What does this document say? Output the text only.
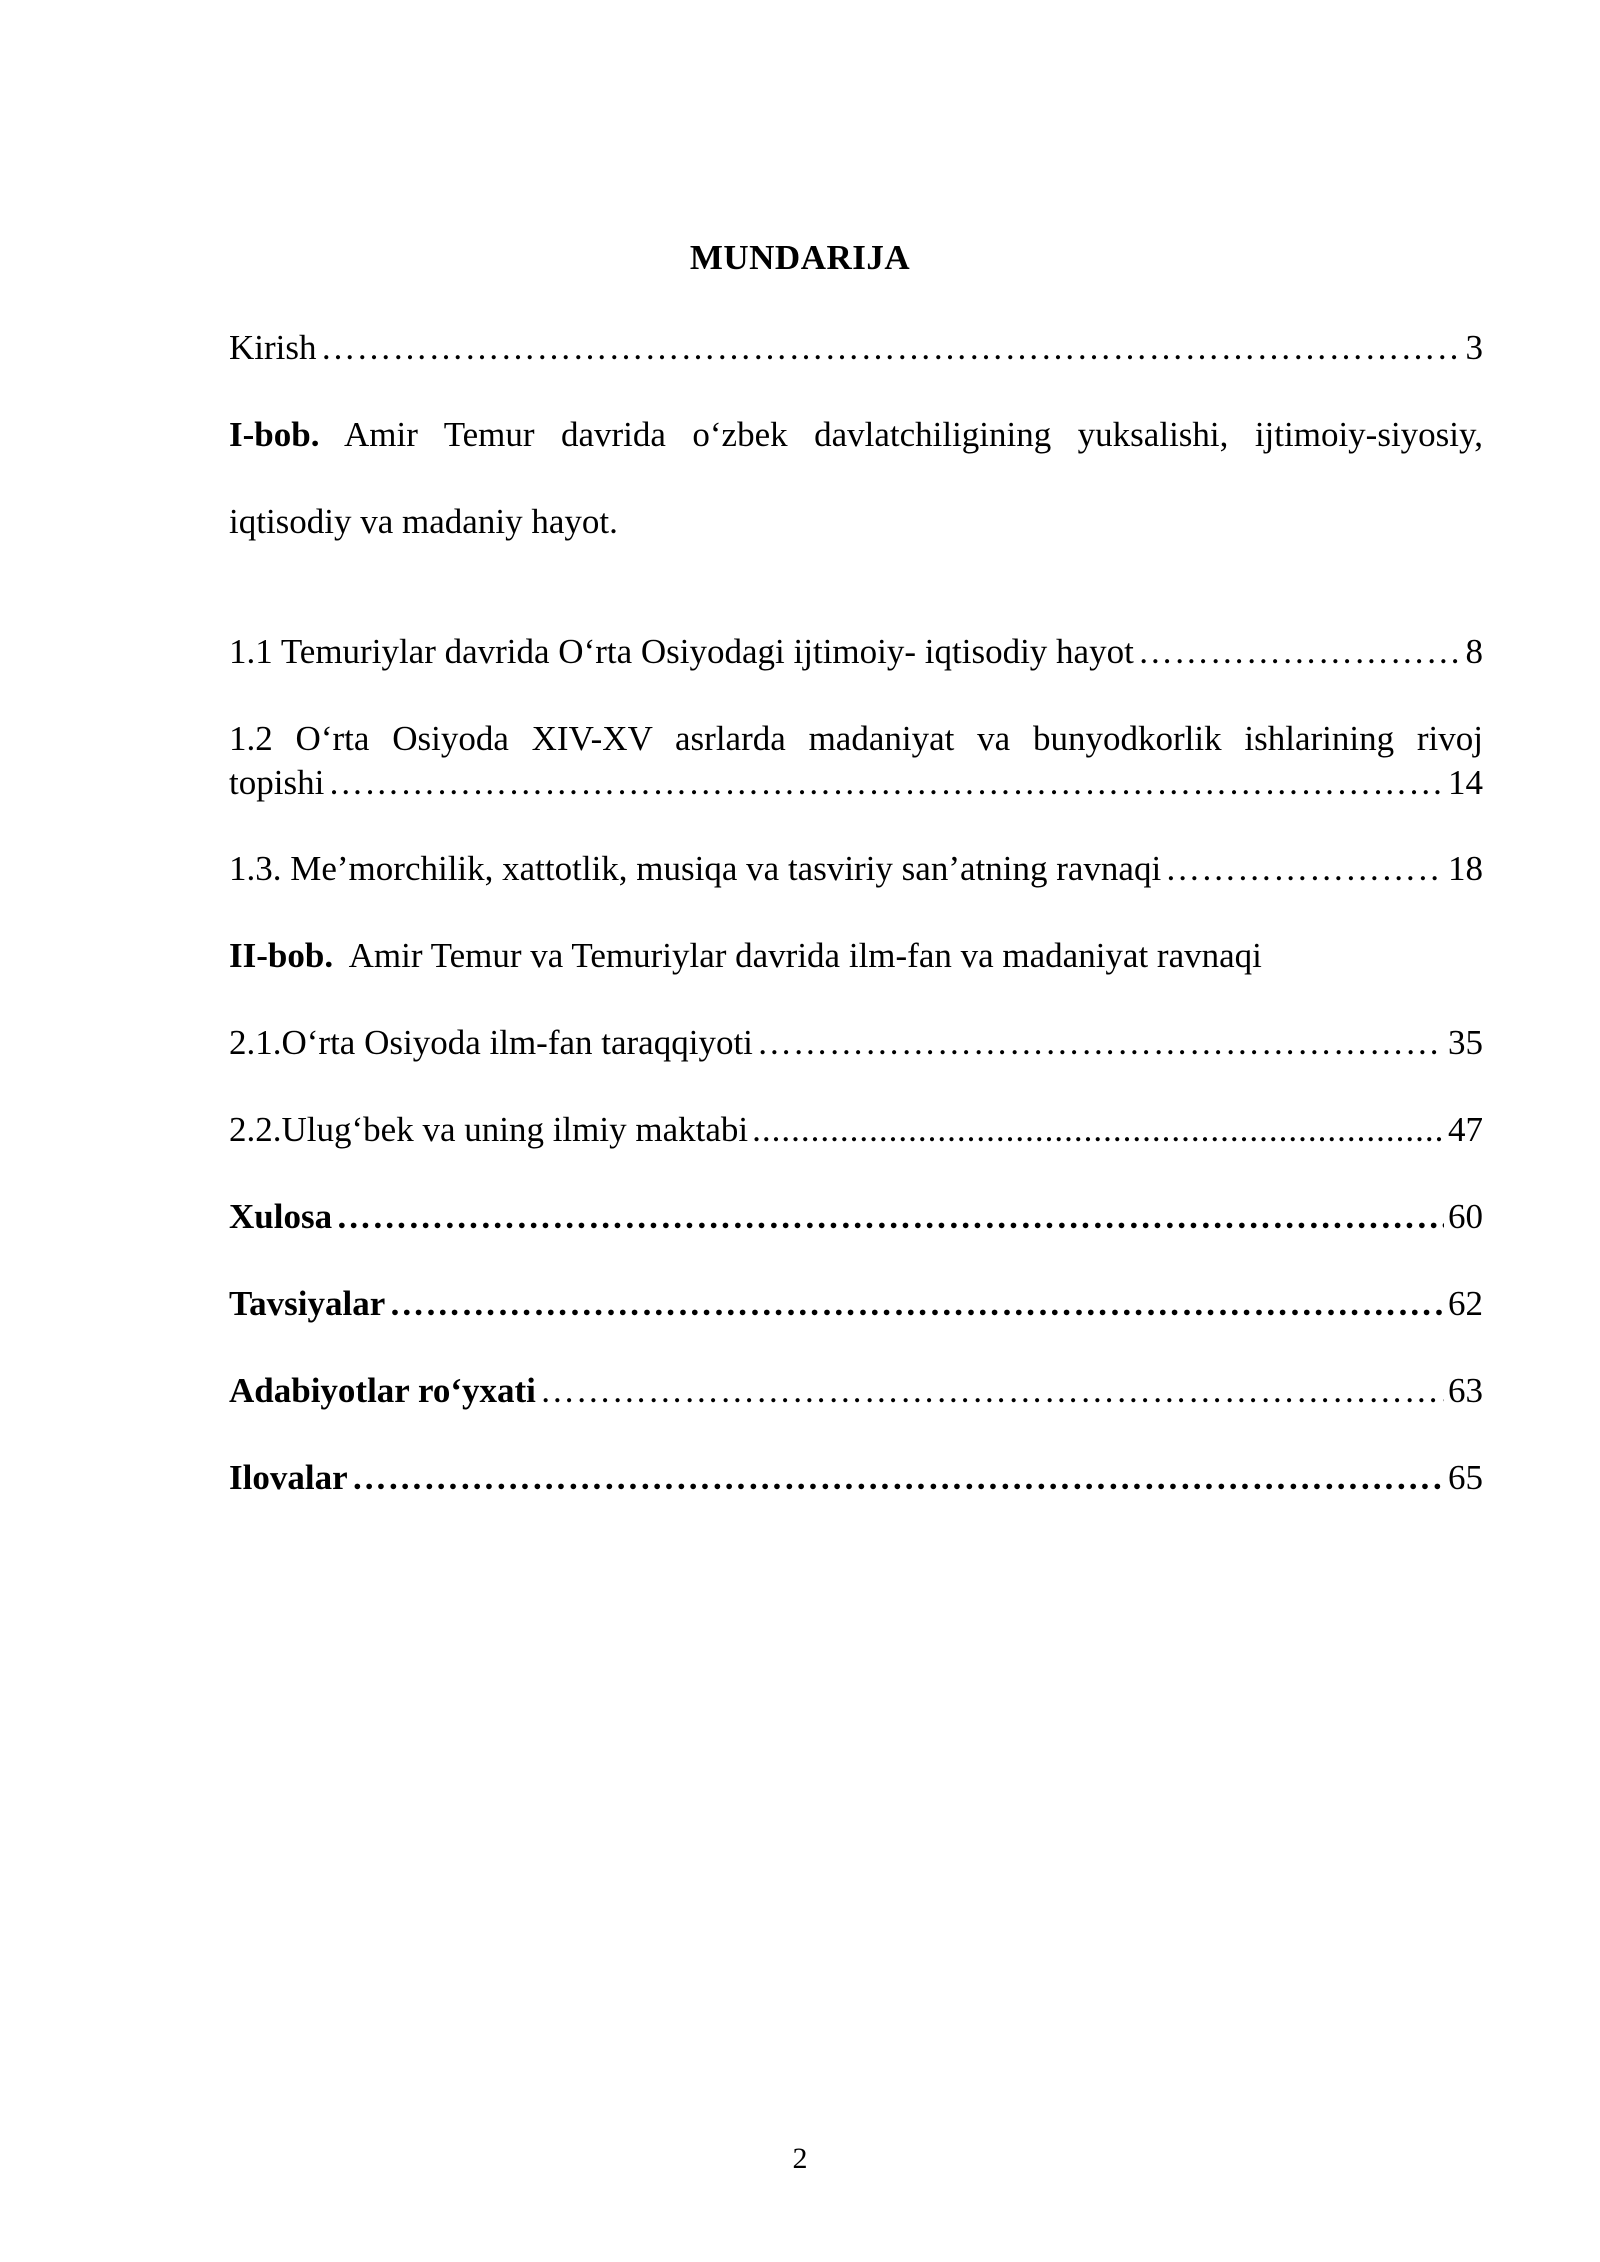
MUNDARIJA
Kirish ………………………………………………………………………………………………………………………………………………………………………………	3
I-bob. Amir Temur davrida o‘zbek davlatchiligining yuksalishi, ijtimoiy-siyosiy,
iqtisodiy va madaniy hayot.
1.1 Temuriylar davrida O‘rta Osiyodagi ijtimoiy- iqtisodiy hayot ………………………………………………………………………………………………………………………………………………………………………………	8
1.2 O‘rta Osiyoda XIV-XV asrlarda madaniyat va bunyodkorlik ishlarining rivoj
topishi ………………………………………………………………………………………………………………………………………………………………………………	14
1.3. Me’morchilik, xattotlik, musiqa va tasviriy san’atning ravnaqi ………………………………………………………………………………………………………………………………………………………………………………	18
II-bob. Amir Temur va Temuriylar davrida ilm-fan va madaniyat ravnaqi
2.1.O‘rta Osiyoda ilm-fan taraqqiyoti ………………………………………………………………………………………………………………………………………………………………………………	35
2.2.Ulug‘bek va uning ilmiy maktabi .....	47
Xulosa ………………………………………………………………………………………………………………………………………………………………………………	60
Tavsiyalar ………………………………………………………………………………………………………………………………………………………………………………	62
Adabiyotlar ro‘yxati ………………………………………………………………………………………………………………………………………………………………………………	63
Ilovalar ………………………………………………………………………………………………………………………………………………………………………………	65
2
